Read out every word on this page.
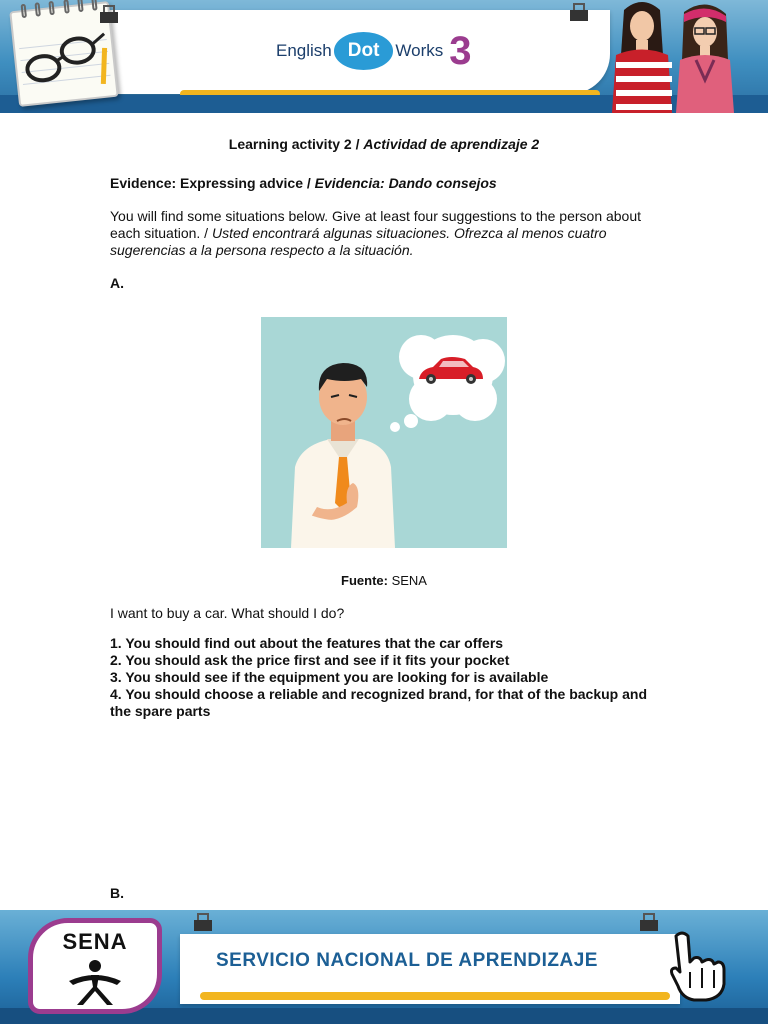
English Dot Works 3
Learning activity 2 / Actividad de aprendizaje 2
Evidence: Expressing advice / Evidencia: Dando consejos

You will find some situations below. Give at least four suggestions to the person about each situation. / Usted encontrará algunas situaciones. Ofrezca al menos cuatro sugerencias a la persona respecto a la situación.

A.
Fuente: SENA
I want to buy a car. What should I do?
1. You should find out about the features that the car offers
2. You should ask the price first and see if it fits your pocket
3. You should see if the equipment you are looking for is available
4. You should choose a reliable and recognized brand, for that of the backup and the spare parts
B.
SENA
SERVICIO NACIONAL DE APRENDIZAJE
